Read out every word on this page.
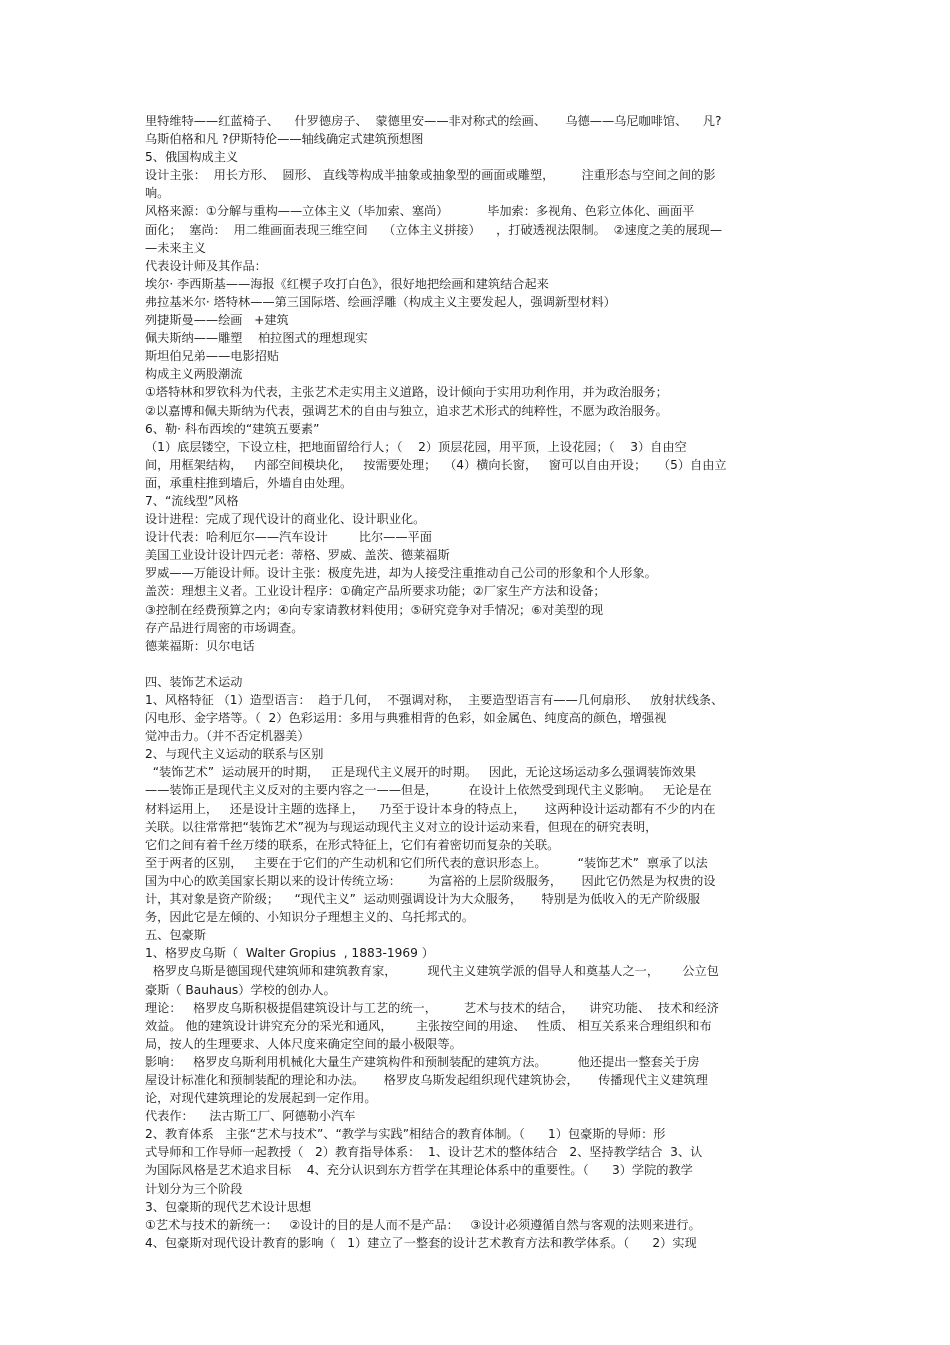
里特维特——红蓝椅子、    什罗德房子、  蒙德里安——非对称式的绘画、     乌德——乌尼咖啡馆、    凡?
乌斯伯格和凡 ?伊斯特伦——轴线确定式建筑预想图
5、俄国构成主义
设计主张：  用长方形、  圆形、 直线等构成半抽象或抽象型的画面或雕塑，       注重形态与空间之间的影
响。
风格来源：①分解与重构——立体主义（毕加索、塞尚）          毕加索：多视角、色彩立体化、画面平
面化；  塞尚：  用二维画面表现三维空间    （立体主义拼接）    ，打破透视法限制。  ②速度之美的展现—
—未来主义
代表设计师及其作品：
埃尔· 李西斯基——海报《红楔子攻打白色》，很好地把绘画和建筑结合起来
弗拉基米尔· 塔特林——第三国际塔、绘画浮雕（构成主义主要发起人，强调新型材料）
列捷斯曼——绘画   +建筑
佩夫斯纳——雕塑    柏拉图式的理想现实
斯坦伯兄弟——电影招贴
构成主义两股潮流
①塔特林和罗钦科为代表，主张艺术走实用主义道路，设计倾向于实用功利作用，并为政治服务；
②以嘉博和佩夫斯纳为代表，强调艺术的自由与独立，追求艺术形式的纯粹性，不愿为政治服务。
6、勒· 科布西埃的“建筑五要素”
（1）底层镂空，下设立柱，把地面留给行人；（    2）顶层花园，用平顶，上设花园；（    3）自由空
间，用框架结构，   内部空间模块化，   按需要处理；  （4）横向长窗，   窗可以自由开设；   （5）自由立
面，承重柱推到墙后，外墙自由处理。
7、“流线型”风格
设计进程：完成了现代设计的商业化、设计职业化。
设计代表：哈利厄尔——汽车设计        比尔——平面
美国工业设计设计四元老：蒂格、罗威、盖茨、德莱福斯
罗威——万能设计师。设计主张：极度先进，却为人接受注重推动自己公司的形象和个人形象。
盖茨：理想主义者。工业设计程序：①确定产品所要求功能；②厂家生产方法和设备；
③控制在经费预算之内；④向专家请教材料使用；⑤研究竞争对手情况；⑥对美型的现
存产品进行周密的市场调查。
德莱福斯：贝尔电话
四、装饰艺术运动
1、风格特征 （1）造型语言：  趋于几何，  不强调对称，  主要造型语言有——几何扇形、   放射状线条、
闪电形、金字塔等。（  2）色彩运用：多用与典雅相背的色彩，如金属色、纯度高的颜色，增强视
觉冲击力。（并不否定机器美）
2、与现代主义运动的联系与区别
“装饰艺术”  运动展开的时期，   正是现代主义展开的时期。   因此，无论这场运动多么强调装饰效果
——装饰正是现代主义反对的主要内容之一——但是，        在设计上依然受到现代主义影响。   无论是在
材料运用上，   还是设计主题的选择上，    乃至于设计本身的特点上，     这两种设计运动都有不少的内在
关联。以往常常把“装饰艺术”视为与现运动现代主义对立的设计运动来看，但现在的研究表明，
它们之间有着千丝万缕的联系，在形式特征上，它们有着密切而复杂的关联。
至于两者的区别，   主要在于它们的产生动机和它们所代表的意识形态上。        “装饰艺术”  禀承了以法
国为中心的欧美国家长期以来的设计传统立场：       为富裕的上层阶级服务，     因此它仍然是为权贵的设
计，其对象是资产阶级；    “现代主义”  运动则强调设计为大众服务，     特别是为低收入的无产阶级服
务，因此它是左倾的、小知识分子理想主义的、乌托邦式的。
五、包豪斯
1、格罗皮乌斯（  Walter Gropius  , 1883-1969 ）
格罗皮乌斯是德国现代建筑师和建筑教育家，        现代主义建筑学派的倡导人和奠基人之一，      公立包
豪斯（ Bauhaus）学校的创办人。
理论：   格罗皮乌斯积极提倡建筑设计与工艺的统一，       艺术与技术的结合，    讲究功能、  技术和经济
效益。 他的建筑设计讲究充分的采光和通风，      主张按空间的用途、   性质、 相互关系来合理组织和布
局，按人的生理要求、人体尺度来确定空间的最小极限等。
影响：   格罗皮乌斯利用机械化大量生产建筑构件和预制装配的建筑方法。        他还提出一整套关于房
屋设计标准化和预制装配的理论和办法。     格罗皮乌斯发起组织现代建筑协会，     传播现代主义建筑理
论，对现代建筑理论的发展起到一定作用。
代表作：    法古斯工厂、阿德勒小汽车
2、教育体系   主张“艺术与技术”、“教学与实践”相结合的教育体制。（      1）包豪斯的导师：形
式导师和工作导师一起教授（   2）教育指导体系：  1、设计艺术的整体结合   2、坚持教学结合  3、认
为国际风格是艺术追求目标    4、充分认识到东方哲学在其理论体系中的重要性。（      3）学院的教学
计划分为三个阶段
3、包豪斯的现代艺术设计思想
①艺术与技术的新统一：   ②设计的目的是人而不是产品：   ③设计必须遵循自然与客观的法则来进行。
4、包豪斯对现代设计教育的影响（   1）建立了一整套的设计艺术教育方法和教学体系。（      2）实现
